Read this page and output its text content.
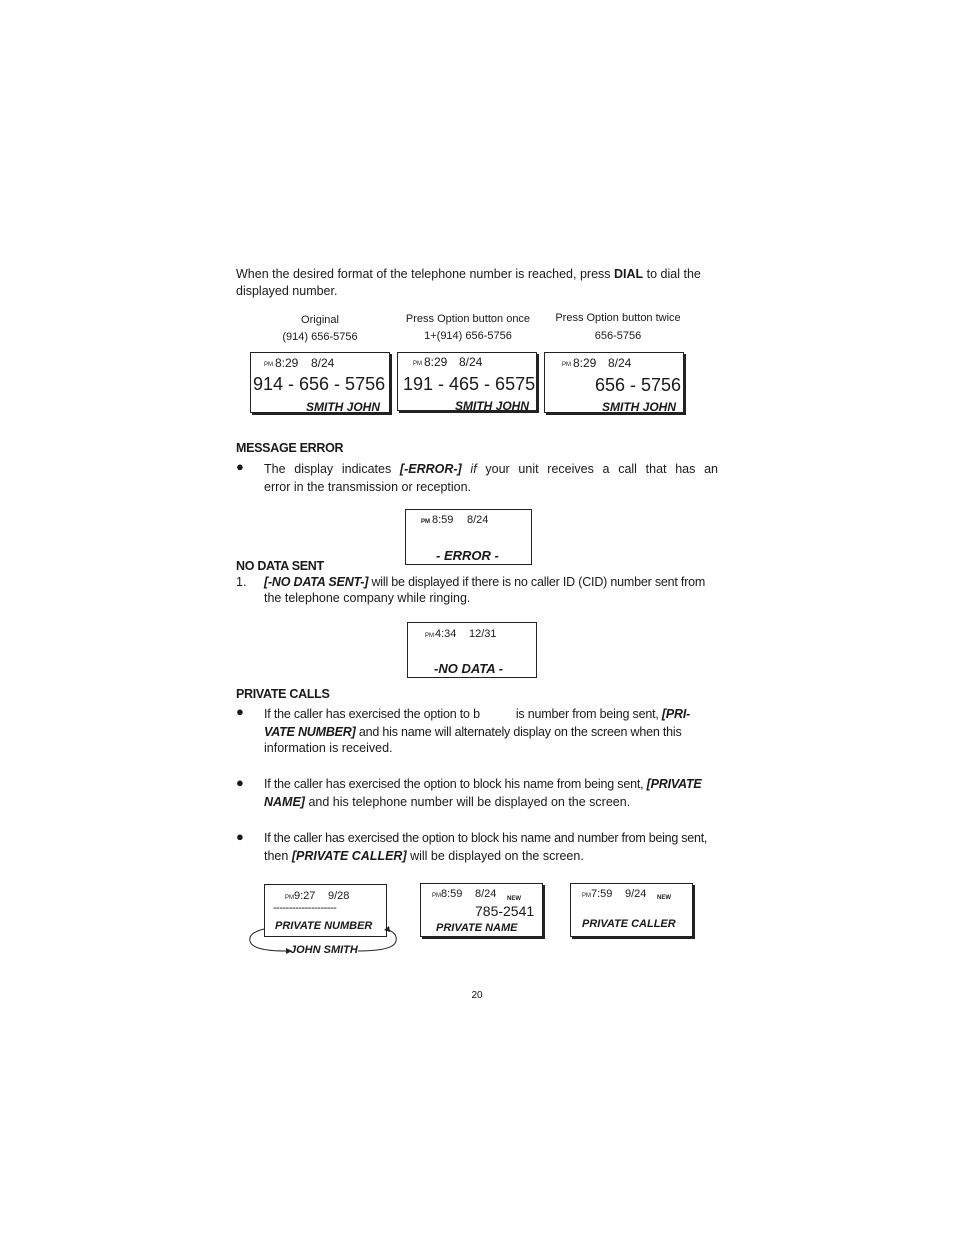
When the desired format of the telephone number is reached, press DIAL to dial the
displayed number.
Original
(914) 656-5756
Press Option button once
1+(914) 656-5756
Press Option button twice
656-5756
PM 8:29 8/24
914 - 656 - 5756
SMITH JOHN
PM 8:29 8/24
191 - 465 - 6575
SMITH JOHN
PM 8:29 8/24
656 - 5756
SMITH JOHN
MESSAGE ERROR
● The display indicates [-ERROR-] if your unit receives a call that has an
error in the transmission or reception.
PM 8:59 8/24
- ERROR -
NO DATA SENT
1. [-NO DATA SENT-] will be displayed if there is no caller ID (CID) number sent from
the telephone company while ringing.
PM 4:34 12/31
-NO DATA -
PRIVATE CALLS
● If the caller has exercised the option to b	is number from being sent, [PRI-
VATE NUMBER] and his name will alternately display on the screen when this
information is received.
● If the caller has exercised the option to block his name from being sent, [PRIVATE
NAME] and his telephone number will be displayed on the screen.
● If the caller has exercised the option to block his name and number from being sent,
then [PRIVATE CALLER] will be displayed on the screen.
PM 9:27 9/28
--------------------
PRIVATE NUMBER
JOHN SMITH
PM 8:59 8/24 NEW
785-2541
PRIVATE NAME
PM 7:59 9/24 NEW
PRIVATE CALLER
20
